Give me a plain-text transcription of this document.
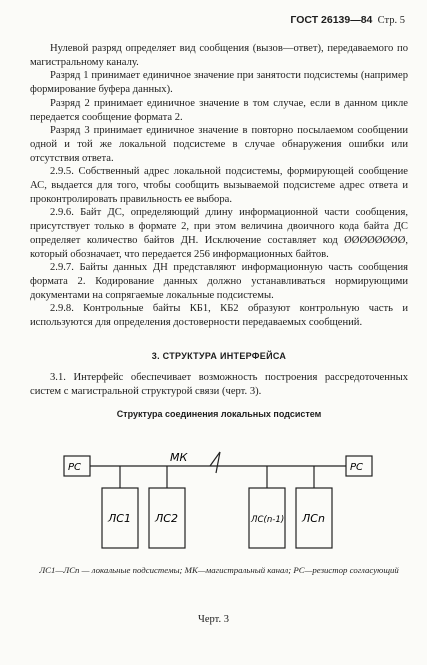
ГОСТ 26139—84 Стр. 5

Нулевой разряд определяет вид сообщения (вызов—ответ), передаваемого по магистральному каналу.

Разряд 1 принимает единичное значение при занятости подсистемы (например формирование буфера данных).

Разряд 2 принимает единичное значение в том случае, если в данном цикле передается сообщение формата 2.

Разряд 3 принимает единичное значение в повторно посылаемом сообщении одной и той же локальной подсистеме в случае обнаружения ошибки или отсутствия ответа.

2.9.5. Собственный адрес локальной подсистемы, формирующей сообщение АС, выдается для того, чтобы сообщить вызываемой подсистеме адрес ответа и проконтролировать правильность ее выбора.

2.9.6. Байт ДС, определяющий длину информационной части сообщения, присутствует только в формате 2, при этом величина двоичного кода байта ДС определяет количество байтов ДН. Исключение составляет код ØØØØØØØØ, который обозначает, что передается 256 информационных байтов.

2.9.7. Байты данных ДН представляют информационную часть сообщения формата 2. Кодирование данных должно устанавливаться нормирующими документами на сопрягаемые локальные подсистемы.

2.9.8. Контрольные байты КБ1, КБ2 образуют контрольную часть и используются для определения достоверности передаваемых сообщений.

3. СТРУКТУРА ИНТЕРФЕЙСА

3.1. Интерфейс обеспечивает возможность построения рассредоточенных систем с магистральной структурой связи (черт. 3).

Структура соединения локальных подсистем

РС	РС
МК
ЛС1 ЛС2	ЛС(n-1) ЛСn
ЛС1—ЛСn — локальные подсистемы; МК—магистральный канал; РС—резистор согласующий
Черт. 3
